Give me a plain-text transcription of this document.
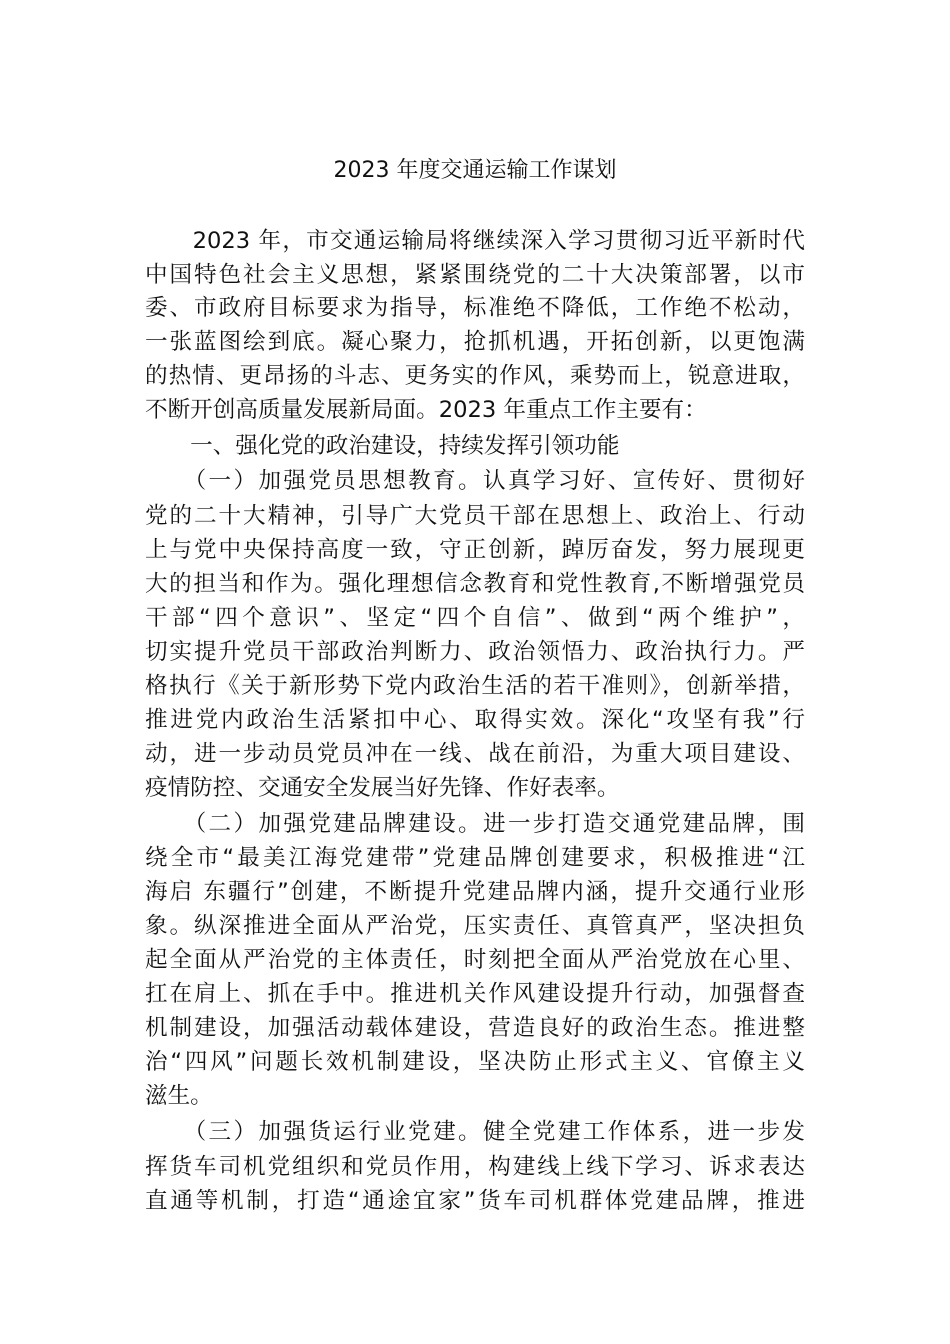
2023 年度交通运输工作谋划
　　2023 年，市交通运输局将继续深入学习贯彻习近平新时代
中国特色社会主义思想，紧紧围绕党的二十大决策部署，以市
委、市政府目标要求为指导，标准绝不降低，工作绝不松动，
一张蓝图绘到底。凝心聚力，抢抓机遇，开拓创新，以更饱满
的热情、更昂扬的斗志、更务实的作风，乘势而上，锐意进取，
不断开创高质量发展新局面。2023 年重点工作主要有：
　　一、强化党的政治建设，持续发挥引领功能
　　（一）加强党员思想教育。认真学习好、宣传好、贯彻好
党的二十大精神，引导广大党员干部在思想上、政治上、行动
上与党中央保持高度一致，守正创新，踔厉奋发，努力展现更
大的担当和作为。强化理想信念教育和党性教育,不断增强党员
干部“四个意识”、坚定“四个自信”、做到“两个维护”，
切实提升党员干部政治判断力、政治领悟力、政治执行力。严
格执行《关于新形势下党内政治生活的若干准则》，创新举措，
推进党内政治生活紧扣中心、取得实效。深化“攻坚有我”行
动，进一步动员党员冲在一线、战在前沿，为重大项目建设、
疫情防控、交通安全发展当好先锋、作好表率。
　　（二）加强党建品牌建设。进一步打造交通党建品牌，围
绕全市“最美江海党建带”党建品牌创建要求，积极推进“江
海启 东疆行”创建，不断提升党建品牌内涵，提升交通行业形
象。纵深推进全面从严治党，压实责任、真管真严，坚决担负
起全面从严治党的主体责任，时刻把全面从严治党放在心里、
扛在肩上、抓在手中。推进机关作风建设提升行动，加强督查
机制建设，加强活动载体建设，营造良好的政治生态。推进整
治“四风”问题长效机制建设，坚决防止形式主义、官僚主义
滋生。
　　（三）加强货运行业党建。健全党建工作体系，进一步发
挥货车司机党组织和党员作用，构建线上线下学习、诉求表达
直通等机制，打造“通途宜家”货车司机群体党建品牌，推进
